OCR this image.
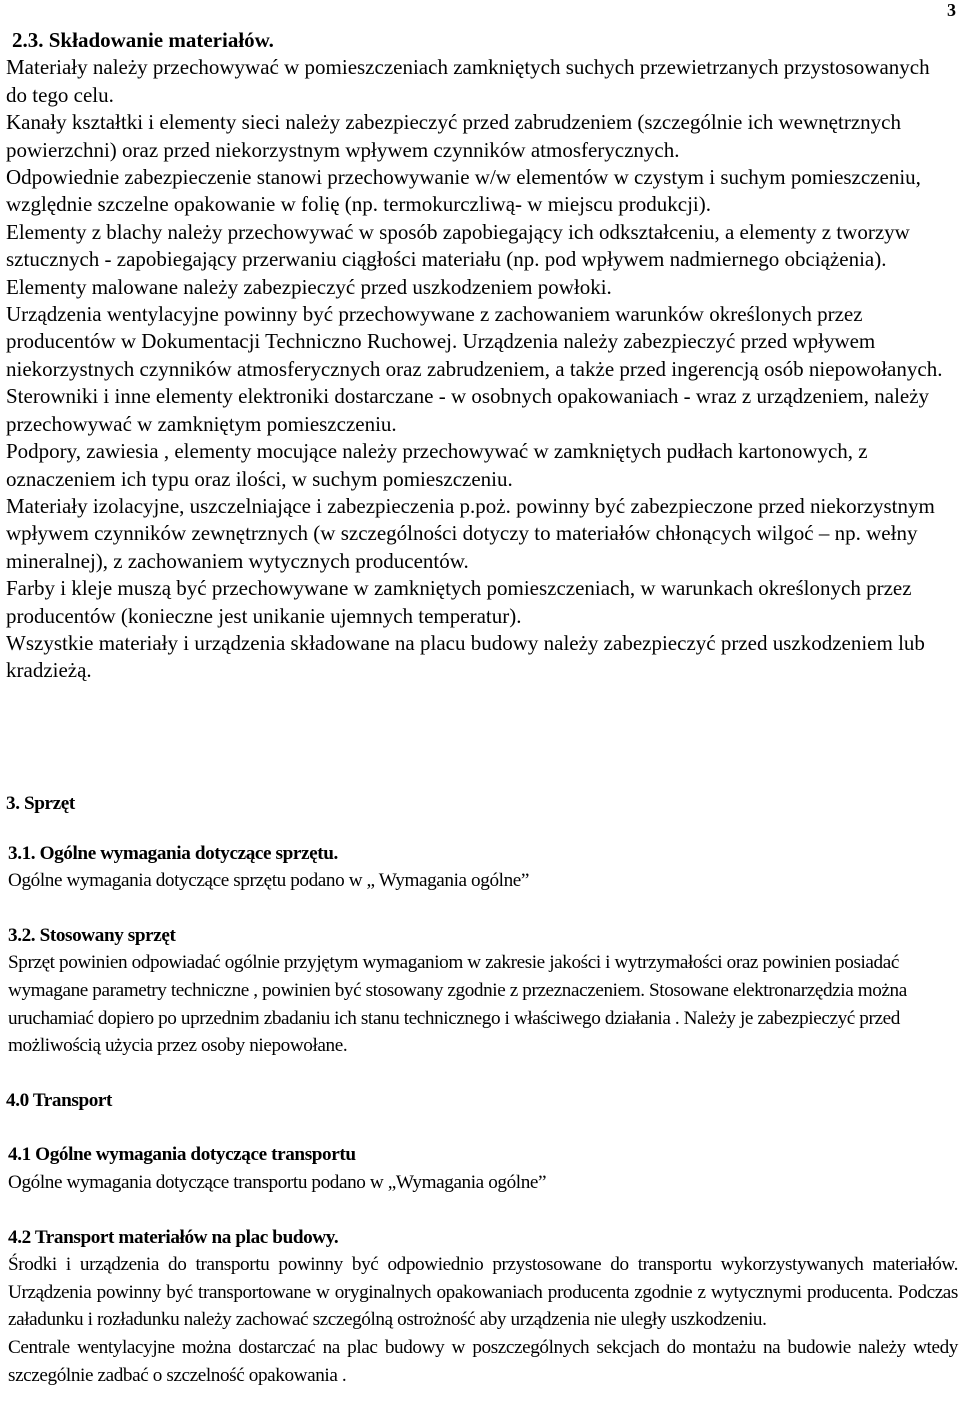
3

2.3. Składowanie materiałów.

Materiały należy przechowywać w pomieszczeniach zamkniętych suchych przewietrzanych przystosowanych do tego celu.

Kanały kształtki i elementy sieci należy zabezpieczyć przed zabrudzeniem (szczególnie ich wewnętrznych powierzchni) oraz przed niekorzystnym wpływem czynników atmosferycznych.

Odpowiednie zabezpieczenie stanowi przechowywanie w/w elementów w czystym i suchym pomieszczeniu, względnie szczelne opakowanie w folię (np. termokurczliwą- w miejscu produkcji).

Elementy z blachy należy przechowywać w sposób zapobiegający ich odkształceniu, a elementy z tworzyw sztucznych - zapobiegający przerwaniu ciągłości materiału (np. pod wpływem nadmiernego obciążenia). Elementy malowane należy zabezpieczyć przed uszkodzeniem powłoki.

Urządzenia wentylacyjne powinny być przechowywane z zachowaniem warunków określonych przez producentów w Dokumentacji Techniczno Ruchowej. Urządzenia należy zabezpieczyć przed wpływem niekorzystnych czynników atmosferycznych oraz zabrudzeniem, a także przed ingerencją osób niepowołanych.

Sterowniki i inne elementy elektroniki dostarczane - w osobnych opakowaniach - wraz z urządzeniem, należy przechowywać w zamkniętym pomieszczeniu.

Podpory, zawiesia , elementy mocujące należy przechowywać w zamkniętych pudłach kartonowych, z oznaczeniem ich typu oraz ilości, w suchym pomieszczeniu.

Materiały izolacyjne, uszczelniające i zabezpieczenia p.poż. powinny być zabezpieczone przed niekorzystnym wpływem czynników zewnętrznych (w szczególności dotyczy to materiałów chłonących wilgoć – np. wełny mineralnej), z zachowaniem wytycznych producentów.

Farby i kleje muszą być przechowywane w zamkniętych pomieszczeniach, w warunkach określonych przez producentów (konieczne jest unikanie ujemnych temperatur).

Wszystkie materiały i urządzenia składowane na placu budowy należy zabezpieczyć przed uszkodzeniem lub kradzieżą.

3. Sprzęt

3.1. Ogólne wymagania dotyczące sprzętu.

Ogólne wymagania dotyczące sprzętu podano w „ Wymagania ogólne”

3.2. Stosowany sprzęt

Sprzęt powinien odpowiadać ogólnie przyjętym wymaganiom w zakresie jakości i wytrzymałości oraz powinien posiadać wymagane parametry techniczne , powinien być stosowany zgodnie z przeznaczeniem. Stosowane elektronarzędzia można uruchamiać dopiero po uprzednim zbadaniu ich stanu technicznego i właściwego działania . Należy je zabezpieczyć przed możliwością użycia przez osoby niepowołane.

4.0 Transport

4.1 Ogólne wymagania dotyczące transportu

Ogólne wymagania dotyczące transportu podano w „Wymagania ogólne”

4.2 Transport materiałów na plac budowy.

Środki i urządzenia do transportu powinny być odpowiednio przystosowane do transportu wykorzystywanych materiałów. Urządzenia powinny być transportowane w oryginalnych opakowaniach producenta zgodnie z wytycznymi producenta. Podczas załadunku i rozładunku należy zachować szczególną ostrożność aby urządzenia nie uległy uszkodzeniu.

Centrale wentylacyjne można dostarczać na plac budowy w poszczególnych sekcjach do montażu na budowie należy wtedy szczególnie zadbać o szczelność opakowania .
